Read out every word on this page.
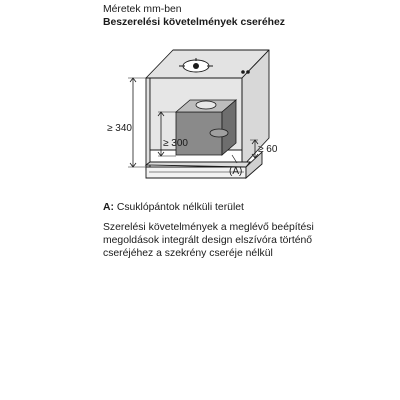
Méretek mm-ben
Beszerelési követelmények cseréhez
≥ 340
≥ 300
≥ 60
(A)
A: Csuklópántok nélküli terület
Szerelési követelmények a meglévő beépítési
megoldások integrált design elszívóra történő
cseréjéhez a szekrény cseréje nélkül
